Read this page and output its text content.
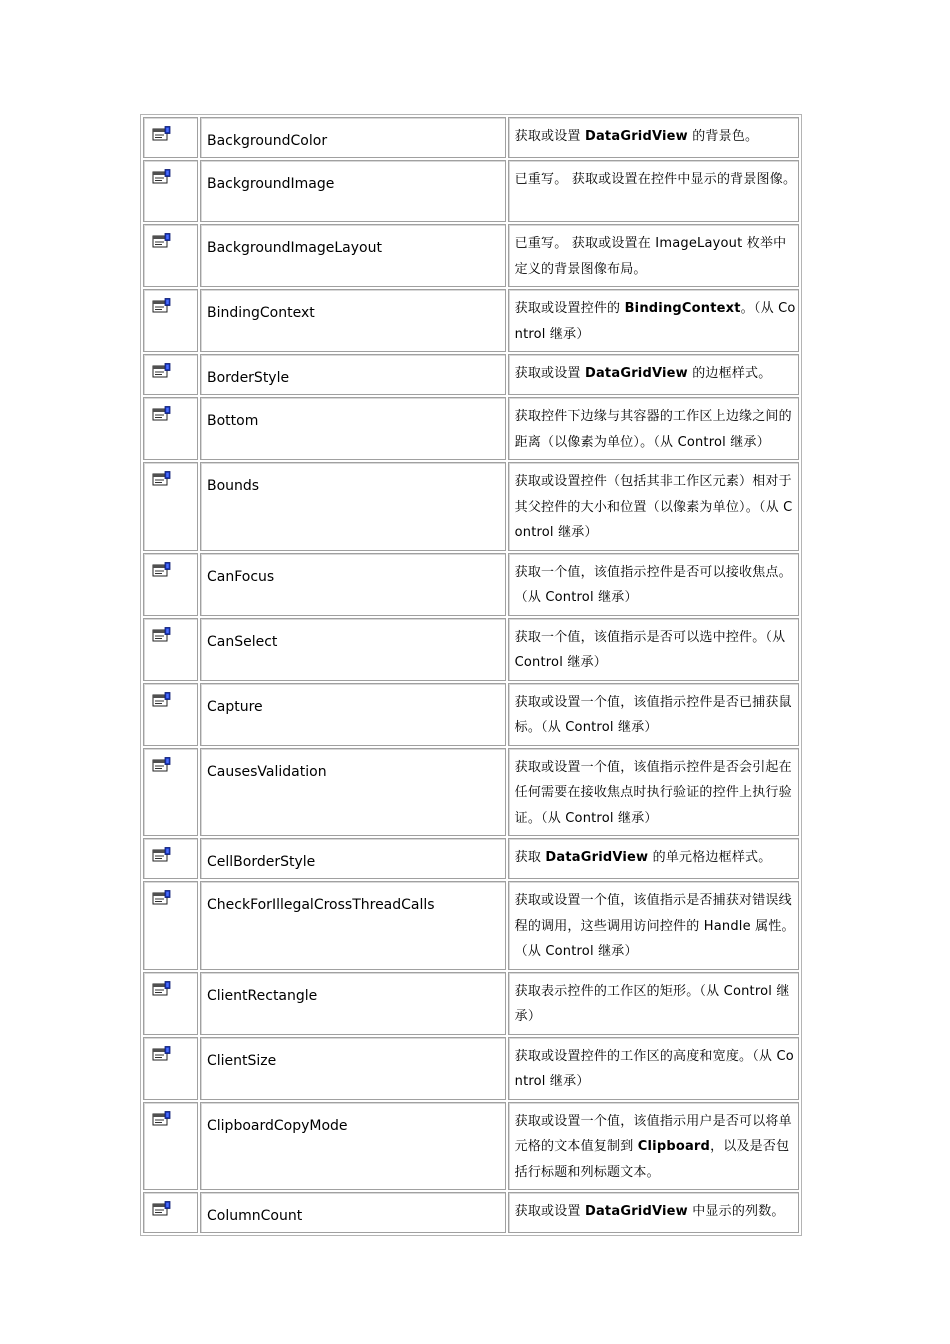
BackgroundColor	获取或设置 DataGridView 的背景色。

BackgroundImage	已重写。 获取或设置在控件中显示的背景图像。

BackgroundImageLayout	已重写。 获取或设置在 ImageLayout 枚举中定义的背景图像布局。

BindingContext	获取或设置控件的 BindingContext。（从 Control 继承）

BorderStyle	获取或设置 DataGridView 的边框样式。

Bottom	获取控件下边缘与其容器的工作区上边缘之间的距离（以像素为单位）。（从 Control 继承）

Bounds	获取或设置控件（包括其非工作区元素）相对于其父控件的大小和位置（以像素为单位）。（从 Control 继承）

CanFocus	获取一个值，该值指示控件是否可以接收焦点。（从 Control 继承）

CanSelect	获取一个值，该值指示是否可以选中控件。（从 Control 继承）

Capture	获取或设置一个值，该值指示控件是否已捕获鼠标。（从 Control 继承）

CausesValidation	获取或设置一个值，该值指示控件是否会引起在任何需要在接收焦点时执行验证的控件上执行验证。（从 Control 继承）

CellBorderStyle	获取 DataGridView 的单元格边框样式。

CheckForIllegalCrossThreadCalls	获取或设置一个值，该值指示是否捕获对错误线程的调用，这些调用访问控件的 Handle 属性。（从 Control 继承）

ClientRectangle	获取表示控件的工作区的矩形。（从 Control 继承）

ClientSize	获取或设置控件的工作区的高度和宽度。（从 Control 继承）

ClipboardCopyMode	获取或设置一个值，该值指示用户是否可以将单元格的文本值复制到 Clipboard，以及是否包括行标题和列标题文本。

ColumnCount	获取或设置 DataGridView 中显示的列数。
